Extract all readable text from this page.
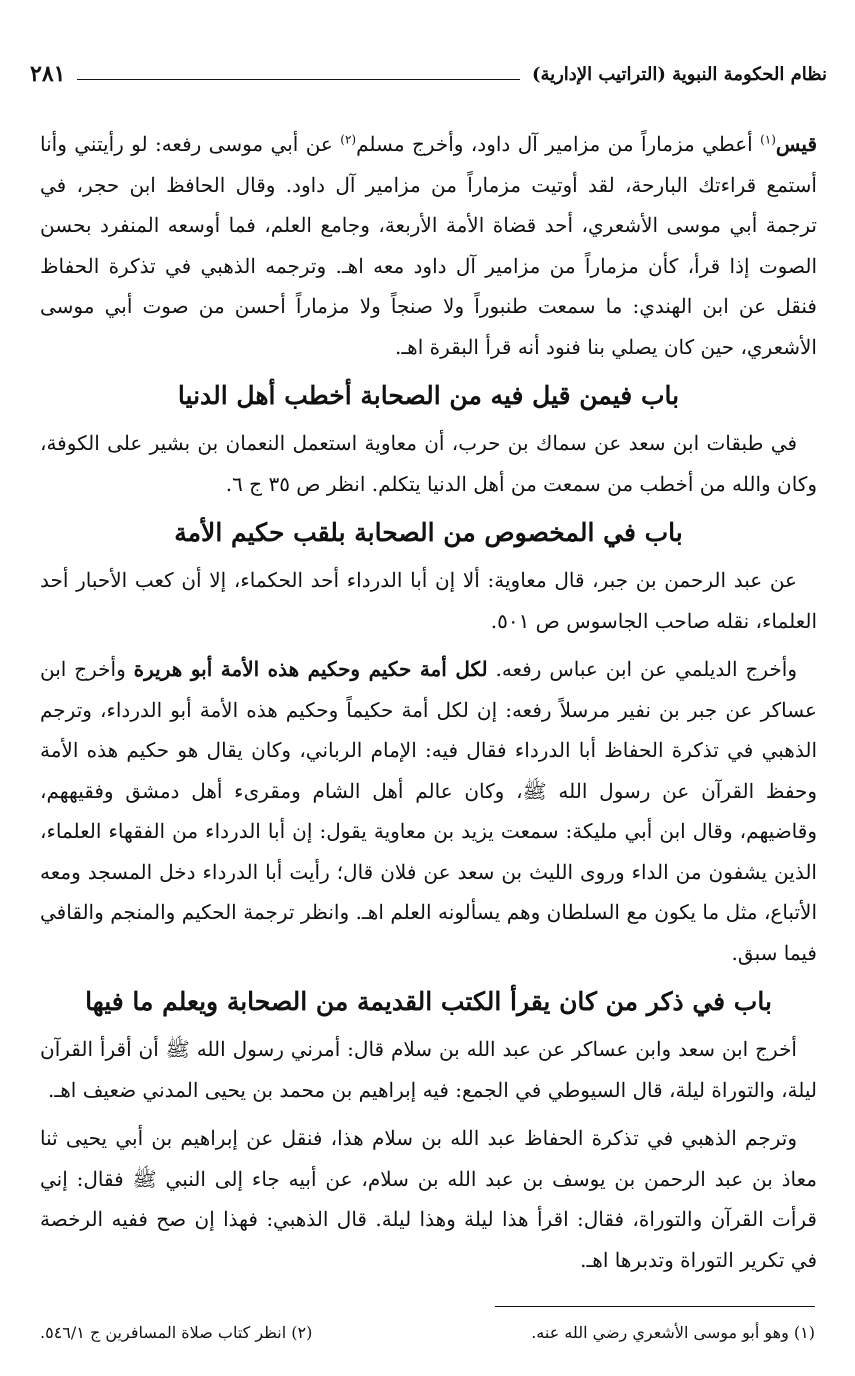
نظام الحكومة النبوية (التراتيب الإدارية)
٢٨١

قيس$^{(١)}$ أعطي مزماراً من مزامير آل داود، وأخرج مسلم$^{(٢)}$ عن أبي موسى رفعه: لو رأيتني وأنا أستمع قراءتك البارحة، لقد أوتيت مزماراً من مزامير آل داود. وقال الحافظ ابن حجر، في ترجمة أبي موسى الأشعري، أحد قضاة الأمة الأربعة، وجامع العلم، فما أوسعه المنفرد بحسن الصوت إذا قرأ، كأن مزماراً من مزامير آل داود معه اهـ. وترجمه الذهبي في تذكرة الحفاظ فنقل عن ابن الهندي: ما سمعت طنبوراً ولا صنجاً ولا مزماراً أحسن من صوت أبي موسى الأشعري، حين كان يصلي بنا فنود أنه قرأ البقرة اهـ.

باب فيمن قيل فيه من الصحابة أخطب أهل الدنيا

في طبقات ابن سعد عن سماك بن حرب، أن معاوية استعمل النعمان بن بشير على الكوفة، وكان والله من أخطب من سمعت من أهل الدنيا يتكلم. انظر ص ٣٥ ج ٦.

باب في المخصوص من الصحابة بلقب حكيم الأمة

عن عبد الرحمن بن جبر، قال معاوية: ألا إن أبا الدرداء أحد الحكماء، إلا أن كعب الأحبار أحد العلماء، نقله صاحب الجاسوس ص ٥٠١.

وأخرج الديلمي عن ابن عباس رفعه. لكل أمة حكيم وحكيم هذه الأمة أبو هريرة وأخرج ابن عساكر عن جبر بن نفير مرسلاً رفعه: إن لكل أمة حكيماً وحكيم هذه الأمة أبو الدرداء، وترجم الذهبي في تذكرة الحفاظ أبا الدرداء فقال فيه: الإمام الرباني، وكان يقال هو حكيم هذه الأمة وحفظ القرآن عن رسول الله ﷺ، وكان عالم أهل الشام ومقرىء أهل دمشق وفقيههم، وقاضيهم، وقال ابن أبي مليكة: سمعت يزيد بن معاوية يقول: إن أبا الدرداء من الفقهاء العلماء، الذين يشفون من الداء وروى الليث بن سعد عن فلان قال؛ رأيت أبا الدرداء دخل المسجد ومعه الأتباع، مثل ما يكون مع السلطان وهم يسألونه العلم اهـ. وانظر ترجمة الحكيم والمنجم والقافي فيما سبق.

باب في ذكر من كان يقرأ الكتب القديمة من الصحابة ويعلم ما فيها

أخرج ابن سعد وابن عساكر عن عبد الله بن سلام قال: أمرني رسول الله ﷺ أن أقرأ القرآن ليلة، والتوراة ليلة، قال السيوطي في الجمع: فيه إبراهيم بن محمد بن يحيى المدني ضعيف اهـ.

وترجم الذهبي في تذكرة الحفاظ عبد الله بن سلام هذا، فنقل عن إبراهيم بن أبي يحيى ثنا معاذ بن عبد الرحمن بن يوسف بن عبد الله بن سلام، عن أبيه جاء إلى النبي ﷺ فقال: إني قرأت القرآن والتوراة، فقال: اقرأ هذا ليلة وهذا ليلة. قال الذهبي: فهذا إن صح ففيه الرخصة في تكرير التوراة وتدبرها اهـ.

(١) وهو أبو موسى الأشعري رضي الله عنه.
(٢) انظر كتاب صلاة المسافرين ج ٥٤٦/١.
